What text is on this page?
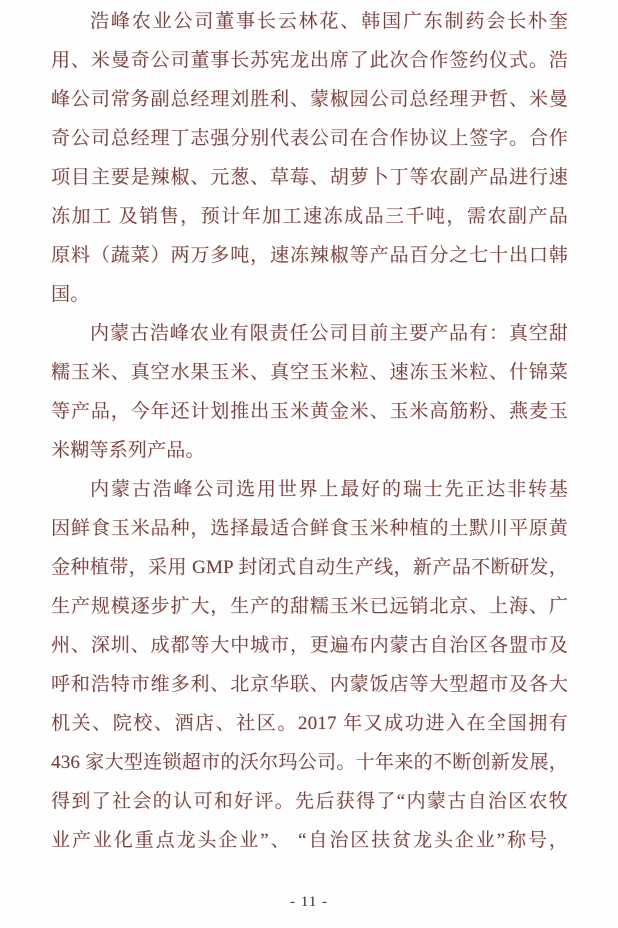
浩峰农业公司董事长云林花、韩国广东制药会长朴奎
用、米曼奇公司董事长苏宪龙出席了此次合作签约仪式。浩
峰公司常务副总经理刘胜利、蒙椒园公司总经理尹哲、米曼
奇公司总经理丁志强分别代表公司在合作协议上签字。合作
项目主要是辣椒、元葱、草莓、胡萝卜丁等农副产品进行速
冻加工 及销售，预计年加工速冻成品三千吨，需农副产品
原料（蔬菜）两万多吨，速冻辣椒等产品百分之七十出口韩
国。
内蒙古浩峰农业有限责任公司目前主要产品有：真空甜
糯玉米、真空水果玉米、真空玉米粒、速冻玉米粒、什锦菜
等产品，今年还计划推出玉米黄金米、玉米高筋粉、燕麦玉
米糊等系列产品。
内蒙古浩峰公司选用世界上最好的瑞士先正达非转基
因鲜食玉米品种，选择最适合鲜食玉米种植的土默川平原黄
金种植带，采用 GMP 封闭式自动生产线，新产品不断研发，
生产规模逐步扩大，生产的甜糯玉米已远销北京、上海、广
州、深圳、成都等大中城市，更遍布内蒙古自治区各盟市及
呼和浩特市维多利、北京华联、内蒙饭店等大型超市及各大
机关、院校、酒店、社区。2017 年又成功进入在全国拥有
436 家大型连锁超市的沃尔玛公司。十年来的不断创新发展，
得到了社会的认可和好评。先后获得了“内蒙古自治区农牧
业产业化重点龙头企业”、 “自治区扶贫龙头企业”称号，
- 11 -
